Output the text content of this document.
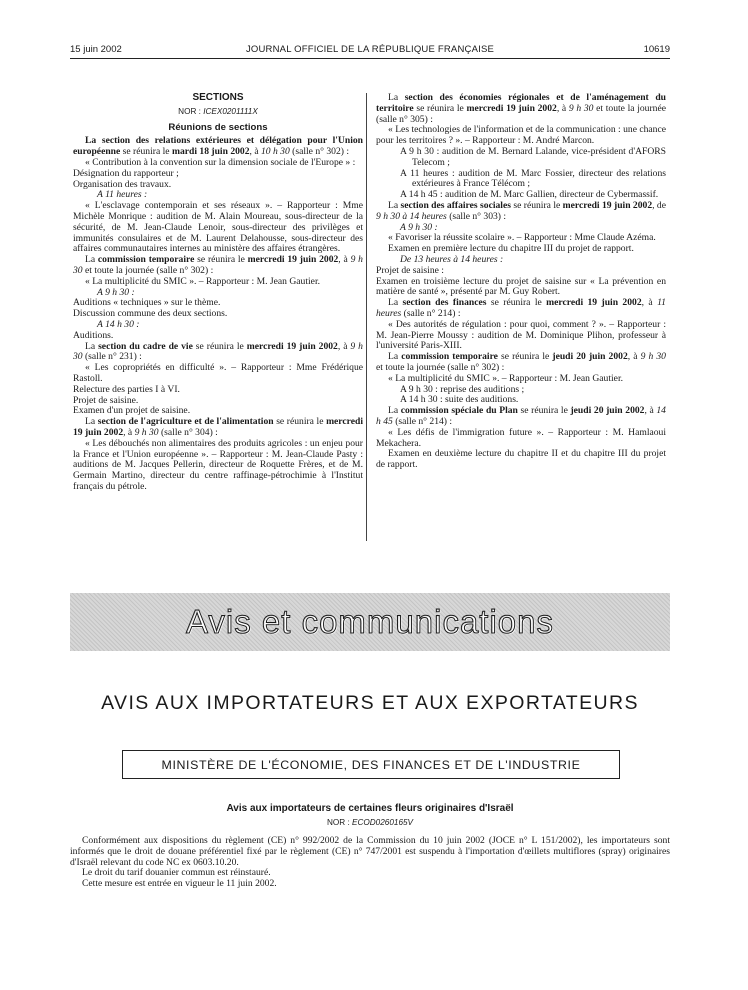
15 juin 2002	JOURNAL OFFICIEL DE LA RÉPUBLIQUE FRANÇAISE	10619
SECTIONS
NOR : ICEX0201111X
Réunions de sections

La section des relations extérieures et délégation pour l'Union européenne se réunira le mardi 18 juin 2002, à 10 h 30 (salle n° 302) :

« Contribution à la convention sur la dimension sociale de l'Europe » :

Désignation du rapporteur ;

Organisation des travaux.

A 11 heures :

« L'esclavage contemporain et ses réseaux ». – Rapporteur : Mme Michèle Monrique : audition de M. Alain Moureau, sous-directeur de la sécurité, de M. Jean-Claude Lenoir, sous-directeur des privilèges et immunités consulaires et de M. Laurent Delahousse, sous-directeur des affaires communautaires internes au ministère des affaires étrangères.

La commission temporaire se réunira le mercredi 19 juin 2002, à 9 h 30 et toute la journée (salle n° 302) :

« La multiplicité du SMIC ». – Rapporteur : M. Jean Gautier.

A 9 h 30 :

Auditions « techniques » sur le thème.

Discussion commune des deux sections.

A 14 h 30 :

Auditions.

La section du cadre de vie se réunira le mercredi 19 juin 2002, à 9 h 30 (salle n° 231) :

« Les copropriétés en difficulté ». – Rapporteur : Mme Frédérique Rastoll.

Relecture des parties I à VI.

Projet de saisine.

Examen d'un projet de saisine.

La section de l'agriculture et de l'alimentation se réunira le mercredi 19 juin 2002, à 9 h 30 (salle n° 304) :

« Les débouchés non alimentaires des produits agricoles : un enjeu pour la France et l'Union européenne ». – Rapporteur : M. Jean-Claude Pasty : auditions de M. Jacques Pellerin, directeur de Roquette Frères, et de M. Germain Martino, directeur du centre raffinage-pétrochimie à l'Institut français du pétrole.

La section des économies régionales et de l'aménagement du territoire se réunira le mercredi 19 juin 2002, à 9 h 30 et toute la journée (salle n° 305) :

« Les technologies de l'information et de la communication : une chance pour les territoires ? ». – Rapporteur : M. André Marcon.

A 9 h 30 : audition de M. Bernard Lalande, vice-président d'AFORS Telecom ;

A 11 heures : audition de M. Marc Fossier, directeur des relations extérieures à France Télécom ;

A 14 h 45 : audition de M. Marc Gallien, directeur de Cybermassif.

La section des affaires sociales se réunira le mercredi 19 juin 2002, de 9 h 30 à 14 heures (salle n° 303) :

A 9 h 30 :

« Favoriser la réussite scolaire ». – Rapporteur : Mme Claude Azéma.

Examen en première lecture du chapitre III du projet de rapport.

De 13 heures à 14 heures :

Projet de saisine :

Examen en troisième lecture du projet de saisine sur « La prévention en matière de santé », présenté par M. Guy Robert.

La section des finances se réunira le mercredi 19 juin 2002, à 11 heures (salle n° 214) :

« Des autorités de régulation : pour quoi, comment ? ». – Rapporteur : M. Jean-Pierre Moussy : audition de M. Dominique Plihon, professeur à l'université Paris-XIII.

La commission temporaire se réunira le jeudi 20 juin 2002, à 9 h 30 et toute la journée (salle n° 302) :

« La multiplicité du SMIC ». – Rapporteur : M. Jean Gautier.

A 9 h 30 : reprise des auditions ;

A 14 h 30 : suite des auditions.

La commission spéciale du Plan se réunira le jeudi 20 juin 2002, à 14 h 45 (salle n° 214) :

« Les défis de l'immigration future ». – Rapporteur : M. Hamlaoui Mekachera.

Examen en deuxième lecture du chapitre II et du chapitre III du projet de rapport.

Avis et communications
AVIS AUX IMPORTATEURS ET AUX EXPORTATEURS
MINISTÈRE DE L'ÉCONOMIE, DES FINANCES ET DE L'INDUSTRIE
Avis aux importateurs de certaines fleurs originaires d'Israël
NOR : ECOD0260165V

Conformément aux dispositions du règlement (CE) n° 992/2002 de la Commission du 10 juin 2002 (JOCE n° L 151/2002), les importateurs sont informés que le droit de douane préférentiel fixé par le règlement (CE) n° 747/2001 est suspendu à l'importation d'œillets multiflores (spray) originaires d'Israël relevant du code NC ex 0603.10.20.

Le droit du tarif douanier commun est réinstauré.

Cette mesure est entrée en vigueur le 11 juin 2002.
